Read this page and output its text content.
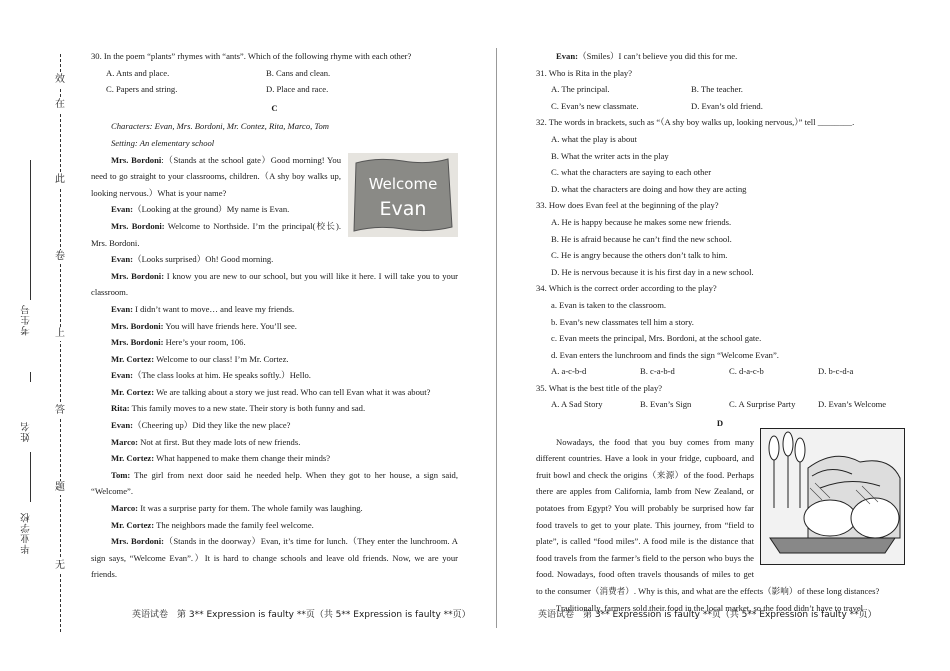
效
在
此
卷
上
答
题
无
考生号
姓名
毕业学校

30. In the poem “plants” rhymes with “ants”. Which of the following rhyme with each other?

A. Ants and place.	B. Cans and clean.
C. Papers and string.	D. Place and race.

C

Characters: Evan, Mrs. Bordoni, Mr. Contez, Rita, Marco, Tom

Setting: An elementary school

Mrs. Bordoni:（Stands at the school gate）Good morning! You need to go straight to your classrooms, children.（A shy boy walks up, looking nervous.）What is your name?

Evan:（Looking at the ground）My name is Evan.

Mrs. Bordoni: Welcome to Northside. I’m the principal(校长). Mrs. Bordoni.

Evan:（Looks surprised）Oh! Good morning.

Mrs. Bordoni: I know you are new to our school, but you will like it here. I will take you to your classroom.

Evan: I didn’t want to move… and leave my friends.

Mrs. Bordoni: You will have friends here. You’ll see.

Mrs. Bordoni: Here’s your room, 106.

Mr. Cortez: Welcome to our class! I’m Mr. Cortez.

Evan:（The class looks at him. He speaks softly.）Hello.

Mr. Cortez: We are talking about a story we just read. Who can tell Evan what it was about?

Rita: This family moves to a new state. Their story is both funny and sad.

Evan:（Cheering up）Did they like the new place?

Marco: Not at first. But they made lots of new friends.

Mr. Cortez: What happened to make them change their minds?

Tom: The girl from next door said he needed help. When they got to her house, a sign said, “Welcome”.

Marco: It was a surprise party for them. The whole family was laughing.

Mr. Cortez: The neighbors made the family feel welcome.

Mrs. Bordoni:（Stands in the doorway）Evan, it’s time for lunch.（They enter the lunchroom. A sign says, “Welcome Evan”.）It is hard to change schools and leave old friends. Now, we are your friends.

Welcome
Evan

Evan:（Smiles）I can’t believe you did this for me.

31. Who is Rita in the play?

A. The principal.	B. The teacher.
C. Evan’s new classmate.	D. Evan’s old friend.

32. The words in brackets, such as “（A shy boy walks up, looking nervous,）” tell ________.

A. what the play is about

B. What the writer acts in the play

C. what the characters are saying to each other

D. what the characters are doing and how they are acting

33. How does Evan feel at the beginning of the play?

A. He is happy because he makes some new friends.

B. He is afraid because he can’t find the new school.

C. He is angry because the others don’t talk to him.

D. He is nervous because it is his first day in a new school.

34. Which is the correct order according to the play?

a. Evan is taken to the classroom.

b. Evan’s new classmates tell him a story.

c. Evan meets the principal, Mrs. Bordoni, at the school gate.

d. Evan enters the lunchroom and finds the sign “Welcome Evan”.

A. a-c-b-d	B. c-a-b-d	C. d-a-c-b	D. b-c-d-a

35. What is the best title of the play?

A. A Sad Story	B. Evan’s Sign	C. A Surprise Party	D. Evan’s Welcome

D

Nowadays, the food that you buy comes from many different countries. Have a look in your fridge, cupboard, and fruit bowl and check the origins（来源）of the food. Perhaps there are apples from California, lamb from New Zealand, or potatoes from Egypt? You will probably be surprised how far food travels to get to your plate. This journey, from “field to plate”, is called “food miles”. A food mile is the distance that food travels from the farmer’s field to the person who buys the food. Nowadays, food often travels thousands of miles to get to the consumer（消费者）. Why is this, and what are the effects（影响）of these long distances?

Traditionally, farmers sold their food in the local market, so the food didn’t have to travel

英语试卷　第 3** Expression is faulty **页（共 5** Expression is faulty **页）	英语试卷　第 3** Expression is faulty **页（共 5** Expression is faulty **页）
